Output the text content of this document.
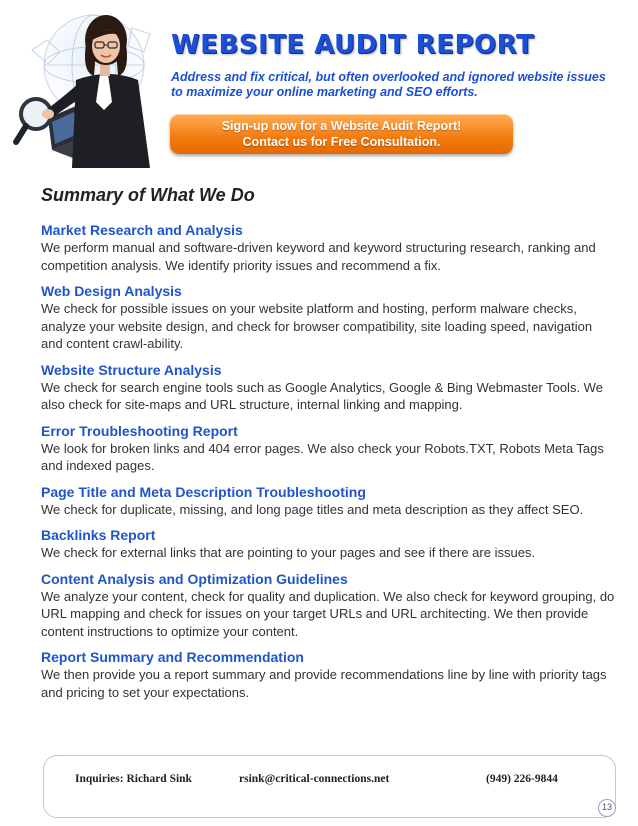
WEBSITE AUDIT REPORT

Address and fix critical, but often overlooked and ignored website issues to maximize your online marketing and SEO efforts.

Sign-up now for a Website Audit Report!
Contact us for Free Consultation.
Summary of What We Do
Market Research and Analysis

We perform manual and software-driven keyword and keyword structuring research, ranking and competition analysis. We identify priority issues and recommend a fix.

Web Design Analysis

We check for possible issues on your website platform and hosting, perform malware checks, analyze your website design, and check for browser compatibility, site loading speed, navigation and content crawl-ability.

Website Structure Analysis

We check for search engine tools such as Google Analytics, Google & Bing Webmaster Tools. We also check for site-maps and URL structure, internal linking and mapping.

Error Troubleshooting Report

We look for broken links and 404 error pages. We also check your Robots.TXT, Robots Meta Tags and indexed pages.

Page Title and Meta Description Troubleshooting

We check for duplicate, missing, and long page titles and meta description as they affect SEO.

Backlinks Report

We check for external links that are pointing to your pages and see if there are issues.

Content Analysis and Optimization Guidelines

We analyze your content, check for quality and duplication. We also check for keyword grouping, do URL mapping and check for issues on your target URLs and URL architecting. We then provide content instructions to optimize your content.

Report Summary and Recommendation

We then provide you a report summary and provide recommendations line by line with priority tags and pricing to set your expectations.

Inquiries: Richard Sink	rsink@critical-connections.net	(949) 226-9844
13
